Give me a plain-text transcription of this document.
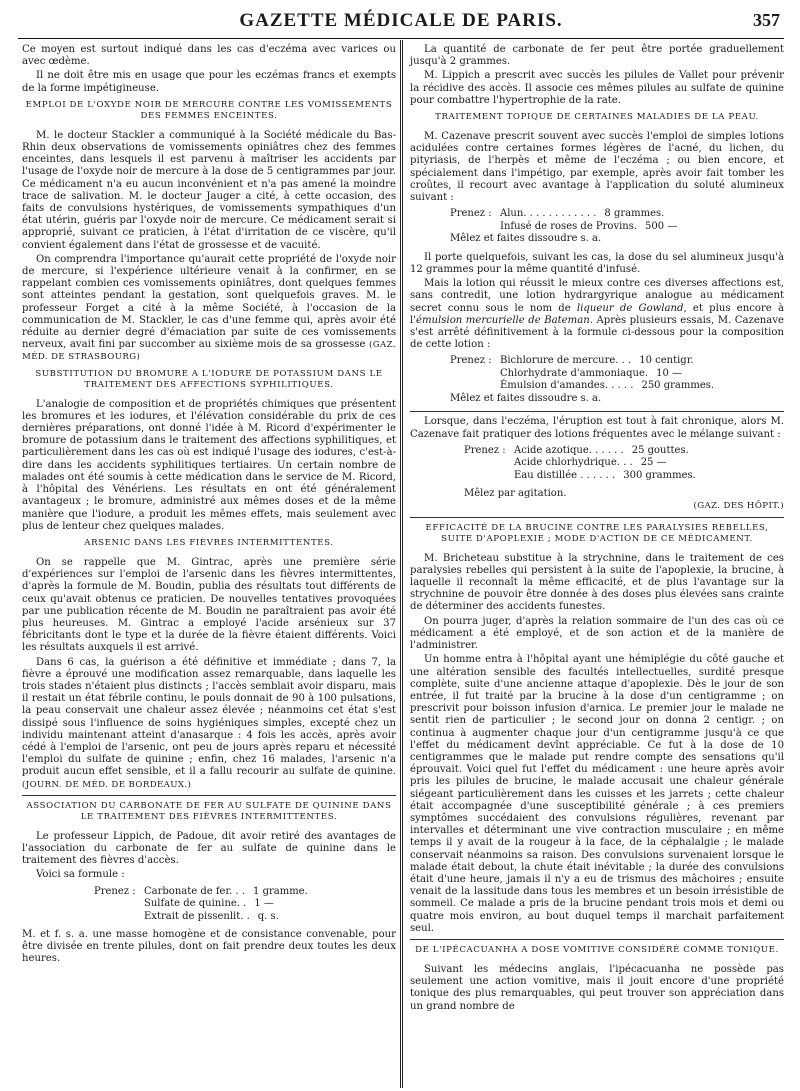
GAZETTE MÉDICALE DE PARIS.	357

Ce moyen est surtout indiqué dans les cas d'eczéma avec varices ou avec œdème.

Il ne doit être mis en usage que pour les eczémas francs et exempts de la forme impétigineuse.

EMPLOI DE L'OXYDE NOIR DE MERCURE CONTRE LES VOMISSEMENTS DES FEMMES ENCEINTES.

M. le docteur Stackler a communiqué à la Société médicale du Bas-Rhin deux observations de vomissements opiniâtres chez des femmes enceintes, dans lesquels il est parvenu à maîtriser les accidents par l'usage de l'oxyde noir de mercure à la dose de 5 centigrammes par jour. Ce médicament n'a eu aucun inconvénient et n'a pas amené la moindre trace de salivation. M. le docteur Jauger a cité, à cette occasion, des faits de convulsions hystériques, de vomissements sympathiques d'un état utérin, guéris par l'oxyde noir de mercure. Ce médicament serait si approprié, suivant ce praticien, à l'état d'irritation de ce viscère, qu'il convient également dans l'état de grossesse et de vacuité.

On comprendra l'importance qu'aurait cette propriété de l'oxyde noir de mercure, si l'expérience ultérieure venait à la confirmer, en se rappelant combien ces vomissements opiniâtres, dont quelques femmes sont atteintes pendant la gestation, sont quelquefois graves. M. le professeur Forget a cité à la même Société, à l'occasion de la communication de M. Stackler, le cas d'une femme qui, après avoir été réduite au dernier degré d'émaciation par suite de ces vomissements nerveux, avait fini par succomber au sixième mois de sa grossesse (GAZ. MÉD. DE STRASBOURG)

SUBSTITUTION DU BROMURE A L'IODURE DE POTASSIUM DANS LE TRAITEMENT DES AFFECTIONS SYPHILITIQUES.

L'analogie de composition et de propriétés chimiques que présentent les bromures et les iodures, et l'élévation considérable du prix de ces dernières préparations, ont donné l'idée à M. Ricord d'expérimenter le bromure de potassium dans le traitement des affections syphilitiques, et particulièrement dans les cas où est indiqué l'usage des iodures, c'est-à-dire dans les accidents syphilitiques tertiaires. Un certain nombre de malades ont été soumis à cette médication dans le service de M. Ricord, à l'hôpital des Vénériens. Les résultats en ont été généralement avantageux ; le bromure, administré aux mêmes doses et de la même manière que l'iodure, a produit les mêmes effets, mais seulement avec plus de lenteur chez quelques malades.

ARSENIC DANS LES FIÈVRES INTERMITTENTES.

On se rappelle que M. Gintrac, après une première série d'expériences sur l'emploi de l'arsenic dans les fièvres intermittentes, d'après la formule de M. Boudin, publia des résultats tout différents de ceux qu'avait obtenus ce praticien. De nouvelles tentatives provoquées par une publication récente de M. Boudin ne paraîtraient pas avoir été plus heureuses. M. Gintrac a employé l'acide arsénieux sur 37 fébricitants dont le type et la durée de la fièvre étaient différents. Voici les résultats auxquels il est arrivé.

Dans 6 cas, la guérison a été définitive et immédiate ; dans 7, la fièvre a éprouvé une modification assez remarquable, dans laquelle les trois stades n'étaient plus distincts ; l'accès semblait avoir disparu, mais il restait un état fébrile continu, le pouls donnait de 90 à 100 pulsations, la peau conservait une chaleur assez élevée ; néanmoins cet état s'est dissipé sous l'influence de soins hygiéniques simples, excepté chez un individu maintenant atteint d'anasarque : 4 fois les accès, après avoir cédé à l'emploi de l'arsenic, ont peu de jours après reparu et nécessité l'emploi du sulfate de quinine ; enfin, chez 16 malades, l'arsenic n'a produit aucun effet sensible, et il a fallu recourir au sulfate de quinine. (JOURN. DE MÉD. DE BORDEAUX.)

ASSOCIATION DU CARBONATE DE FER AU SULFATE DE QUININE DANS LE TRAITEMENT DES FIÈVRES INTERMITTENTES.

Le professeur Lippich, de Padoue, dit avoir retiré des avantages de l'association du carbonate de fer au sulfate de quinine dans le traitement des fièvres d'accès.

Voici sa formule :

Prenez : Carbonate de fer. . . 1 gramme.
Sulfate de quinine. . 1 —
Extrait de pissenlit. . q. s.

M. et f. s. a. une masse homogène et de consistance convenable, pour être divisée en trente pilules, dont on fait prendre deux toutes les deux heures.

La quantité de carbonate de fer peut être portée graduellement jusqu'à 2 grammes.

M. Lippich a prescrit avec succès les pilules de Vallet pour prévenir la récidive des accès. Il associe ces mêmes pilules au sulfate de quinine pour combattre l'hypertrophie de la rate.

TRAITEMENT TOPIQUE DE CERTAINES MALADIES DE LA PEAU.

M. Cazenave prescrit souvent avec succès l'emploi de simples lotions acidulées contre certaines formes légères de l'acné, du lichen, du pityriasis, de l'herpès et même de l'eczéma ; ou bien encore, et spécialement dans l'impétigo, par exemple, après avoir fait tomber les croûtes, il recourt avec avantage à l'application du soluté alumineux suivant :

Prenez : Alun. . . . . . . . . . . . 8 grammes.
Infusé de roses de Provins. 500 —
Mêlez et faites dissoudre s. a.

Il porte quelquefois, suivant les cas, la dose du sel alumineux jusqu'à 12 grammes pour la même quantité d'infusé.

Mais la lotion qui réussit le mieux contre ces diverses affections est, sans contredit, une lotion hydrargyrique analogue au médicament secret connu sous le nom de liqueur de Gowland, et plus encore à l'émulsion mercurielle de Bateman. Après plusieurs essais, M. Cazenave s'est arrêté définitivement à la formule ci-dessous pour la composition de cette lotion :

Prenez : Bichlorure de mercure. . . 10 centigr.
Chlorhydrate d'ammoniaque. 10 —
Émulsion d'amandes. . . . . 250 grammes.
Mêlez et faites dissoudre s. a.

Lorsque, dans l'eczéma, l'éruption est tout à fait chronique, alors M. Cazenave fait pratiquer des lotions fréquentes avec le mélange suivant :

Prenez : Acide azotique. . . . . . 25 gouttes.
Acide chlorhydrique. . . 25 —
Eau distillée . . . . . . 300 grammes.
Mêlez par agitation.
(GAZ. DES HÔPIT.)
EFFICACITÉ DE LA BRUCINE CONTRE LES PARALYSIES REBELLES, SUITE D'APOPLEXIE ; MODE D'ACTION DE CE MÉDICAMENT.

M. Bricheteau substitue à la strychnine, dans le traitement de ces paralysies rebelles qui persistent à la suite de l'apoplexie, la brucine, à laquelle il reconnaît la même efficacité, et de plus l'avantage sur la strychnine de pouvoir être donnée à des doses plus élevées sans crainte de déterminer des accidents funestes.

On pourra juger, d'après la relation sommaire de l'un des cas où ce médicament a été employé, et de son action et de la manière de l'administrer.

Un homme entra à l'hôpital ayant une hémiplégie du côté gauche et une altération sensible des facultés intellectuelles, surdité presque complète, suite d'une ancienne attaque d'apoplexie. Dès le jour de son entrée, il fut traité par la brucine à la dose d'un centigramme ; on prescrivit pour boisson infusion d'arnica. Le premier jour le malade ne sentit rien de particulier ; le second jour on donna 2 centigr. ; on continua à augmenter chaque jour d'un centigramme jusqu'à ce que l'effet du médicament devînt appréciable. Ce fut à la dose de 10 centigrammes que le malade put rendre compte des sensations qu'il éprouvait. Voici quel fut l'effet du médicament : une heure après avoir pris les pilules de brucine, le malade accusait une chaleur générale siégeant particulièrement dans les cuisses et les jarrets ; cette chaleur était accompagnée d'une susceptibilité générale ; à ces premiers symptômes succédaient des convulsions régulières, revenant par intervalles et déterminant une vive contraction musculaire ; en même temps il y avait de la rougeur à la face, de la céphalalgie ; le malade conservait néanmoins sa raison. Des convulsions survenaient lorsque le malade était debout, la chute était inévitable ; la durée des convulsions était d'une heure, jamais il n'y a eu de trismus des mâchoires ; ensuite venait de la lassitude dans tous les membres et un besoin irrésistible de sommeil. Ce malade a pris de la brucine pendant trois mois et demi ou quatre mois environ, au bout duquel temps il marchait parfaitement seul.

DE L'IPÉCACUANHA A DOSE VOMITIVE CONSIDÉRÉ COMME TONIQUE.

Suivant les médecins anglais, l'ipécacuanha ne possède pas seulement une action vomitive, mais il jouit encore d'une propriété tonique des plus remarquables, qui peut trouver son appréciation dans un grand nombre de
